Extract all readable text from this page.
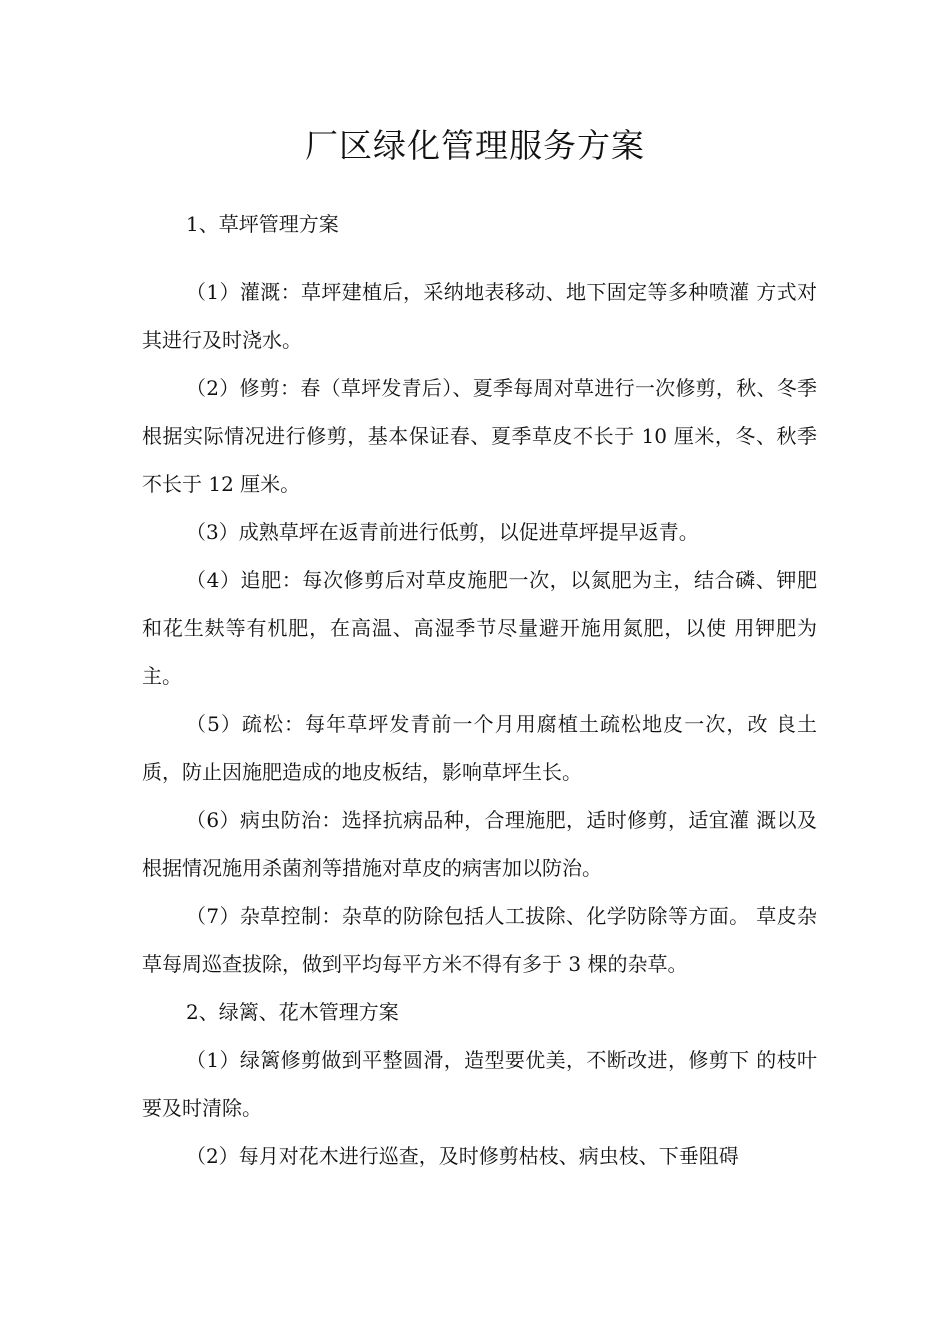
厂区绿化管理服务方案

1、草坪管理方案

（1）灌溉：草坪建植后，采纳地表移动、地下固定等多种喷灌 方式对其进行及时浇水。

（2）修剪：春（草坪发青后）、夏季每周对草进行一次修剪，秋、冬季根据实际情况进行修剪，基本保证春、夏季草皮不长于 10 厘米，冬、秋季不长于 12 厘米。

（3）成熟草坪在返青前进行低剪，以促进草坪提早返青。

（4）追肥：每次修剪后对草皮施肥一次，以氮肥为主，结合磷、钾肥和花生麸等有机肥，在高温、高湿季节尽量避开施用氮肥，以使 用钾肥为主。

（5）疏松：每年草坪发青前一个月用腐植土疏松地皮一次，改 良土质，防止因施肥造成的地皮板结，影响草坪生长。

（6）病虫防治：选择抗病品种，合理施肥，适时修剪，适宜灌 溉以及根据情况施用杀菌剂等措施对草皮的病害加以防治。

（7）杂草控制：杂草的防除包括人工拔除、化学防除等方面。 草皮杂草每周巡查拔除，做到平均每平方米不得有多于 3 棵的杂草。

2、绿篱、花木管理方案

（1）绿篱修剪做到平整圆滑，造型要优美，不断改进，修剪下 的枝叶要及时清除。

（2）每月对花木进行巡查，及时修剪枯枝、病虫枝、下垂阻碍
